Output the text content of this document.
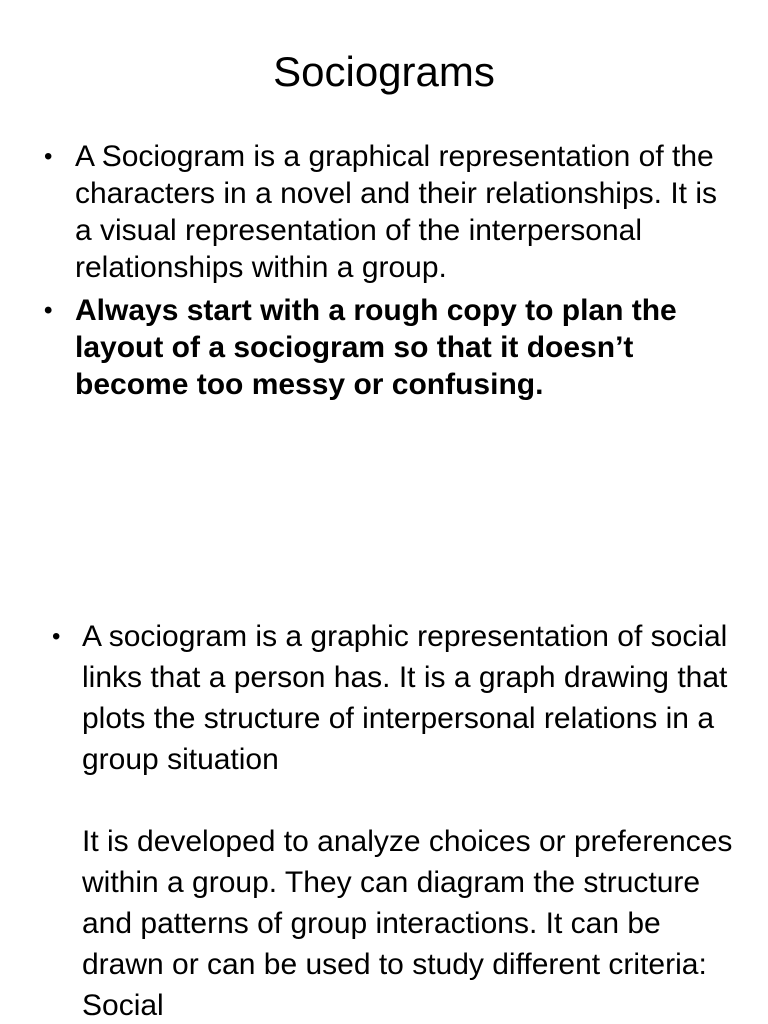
Sociograms
• A Sociogram is a graphical representation of the characters in a novel and their relationships. It is a visual representation of the interpersonal relationships within a group.
• Always start with a rough copy to plan the layout of a sociogram so that it doesn’t become too messy or confusing.
• A sociogram is a graphic representation of social links that a person has. It is a graph drawing that plots the structure of interpersonal relations in a group situation

It is developed to analyze choices or preferences within a group. They can diagram the structure and patterns of group interactions. It can be drawn or can be used to study different criteria: Social
